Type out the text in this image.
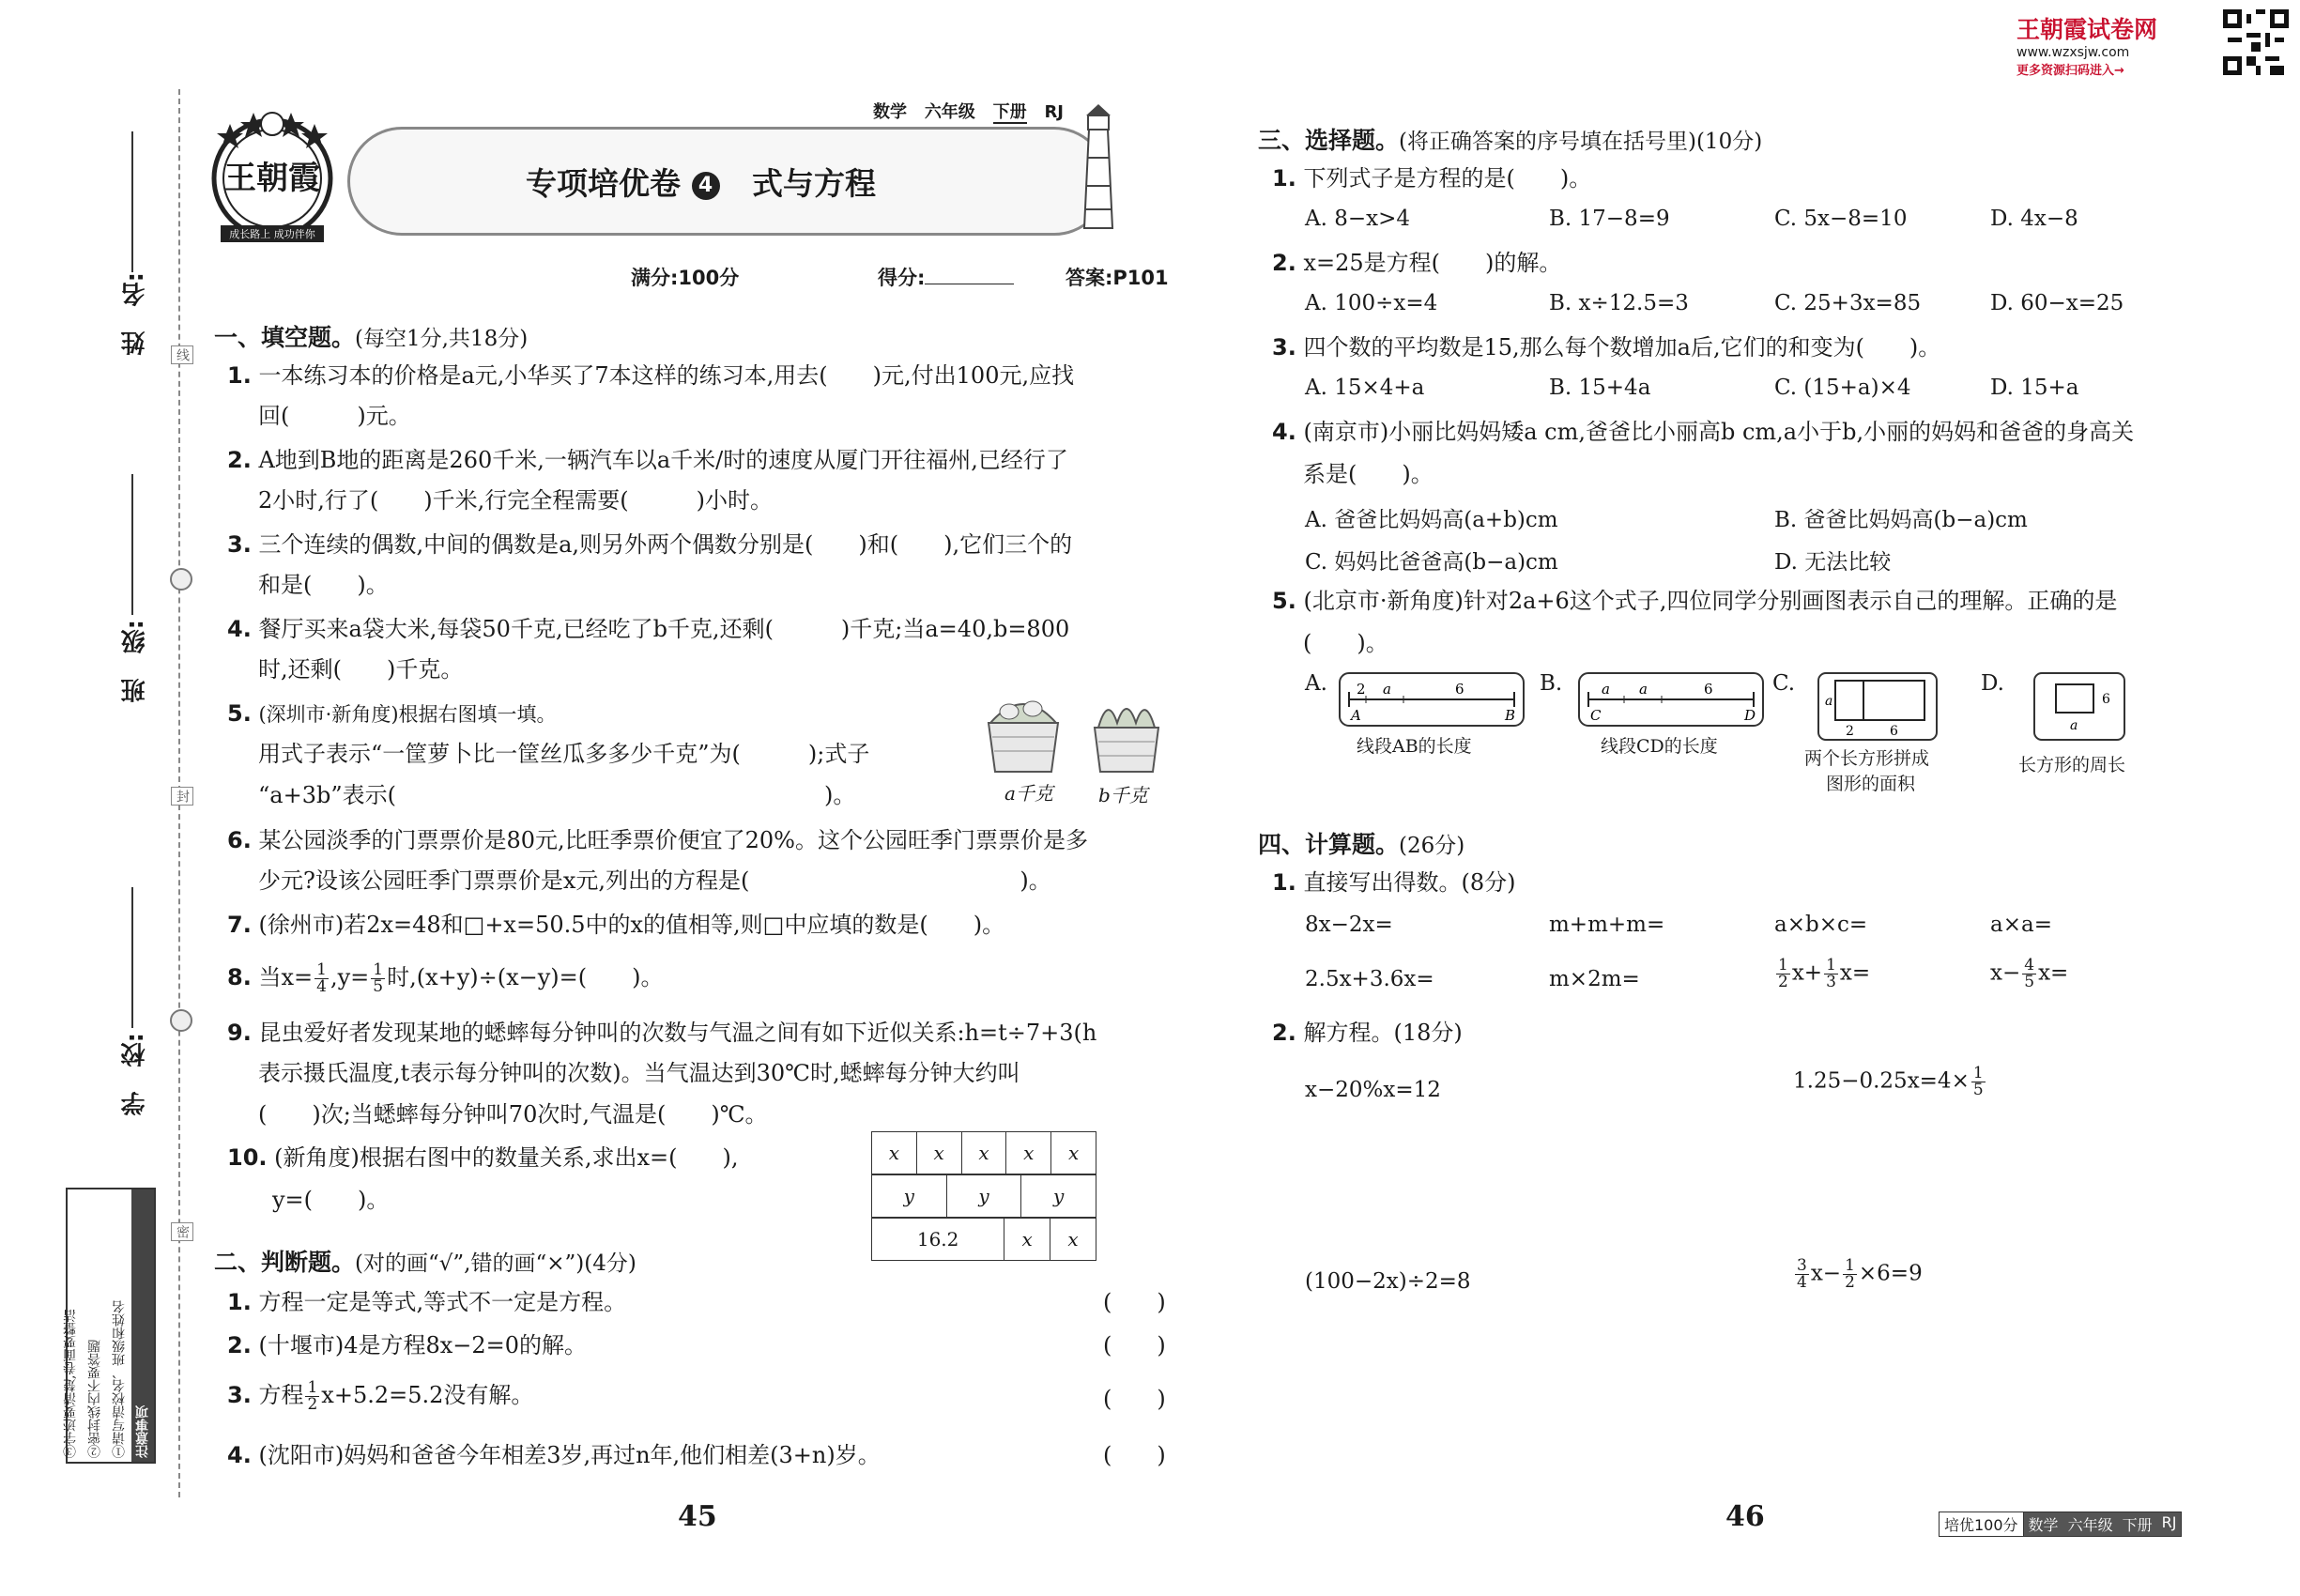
姓　名:
班　级:
学　校:
线
封
密
注意事项
①请写清校名、班级和姓名
②密封线内不要答题
③字迹要清楚,卷面要整洁
王朝霞
成长路上 成功伴你
数学 六年级 下册 RJ
专项培优卷 4 式与方程
满分:100分	得分:	答案:P101
一、填空题。(每空1分,共18分)
1. 一本练习本的价格是a元,小华买了7本这样的练习本,用去(　　)元,付出100元,应找
回(　　　)元。
2. A地到B地的距离是260千米,一辆汽车以a千米/时的速度从厦门开往福州,已经行了
2小时,行了(　　)千米,行完全程需要(　　　)小时。
3. 三个连续的偶数,中间的偶数是a,则另外两个偶数分别是(　　)和(　　),它们三个的
和是(　　)。
4. 餐厅买来a袋大米,每袋50千克,已经吃了b千克,还剩(　　　)千克;当a=40,b=800
时,还剩(　　)千克。
5. (深圳市·新角度)根据右图填一填。
用式子表示“一筐萝卜比一筐丝瓜多多少千克”为(　　　);式子
“a+3b”表示(　　　　　　　　　　　　　　　　　　　)。	a千克 b千克
6. 某公园淡季的门票票价是80元,比旺季票价便宜了20%。这个公园旺季门票票价是多
少元?设该公园旺季门票票价是x元,列出的方程是(　　　　　　　　　　　　)。
7. (徐州市)若2x=48和□+x=50.5中的x的值相等,则□中应填的数是(　　)。
8. 当$x= \frac{1}{4} ,y= \frac{1}{5}$ 时,(x+y)÷(x−y)=(　　)。
9. 昆虫爱好者发现某地的蟋蟀每分钟叫的次数与气温之间有如下近似关系:h=t÷7+3(h
表示摄氏温度,t表示每分钟叫的次数)。当气温达到30℃时,蟋蟀每分钟大约叫
(　　)次;当蟋蟀每分钟叫70次时,气温是(　　)℃。
10. (新角度)根据右图中的数量关系,求出x=(　　),
y=(　　)。
x	x	x	x	x
y	y	y
16.2	x	x
二、判断题。(对的画“√”,错的画“×”)(4分)
1. 方程一定是等式,等式不一定是方程。	(　　)
2. (十堰市)4是方程8x−2=0的解。	(　　)
3. 方程 $\frac{1}{2} x+5.2=5.2$没有解。	(　　)
4. (沈阳市)妈妈和爸爸今年相差3岁,再过n年,他们相差(3+n)岁。	(　　)
45
王朝霞试卷网
www.wzxsjw.com
更多资源扫码进入→
三、选择题。(将正确答案的序号填在括号里)(10分)
1. 下列式子是方程的是(　　)。
A. 8−x>4	B. 17−8=9	C. 5x−8=10	D. 4x−8
2. x=25是方程(　　)的解。
A. 100÷x=4	B. x÷12.5=3	C. 25+3x=85	D. 60−x=25
3. 四个数的平均数是15,那么每个数增加a后,它们的和变为(　　)。
A. 15×4+a	B. 15+4a	C. (15+a)×4	D. 15+a
4. (南京市)小丽比妈妈矮a cm,爸爸比小丽高b cm,a小于b,小丽的妈妈和爸爸的身高关
系是(　　)。
A. 爸爸比妈妈高(a+b)cm	B. 爸爸比妈妈高(b−a)cm
C. 妈妈比爸爸高(b−a)cm	D. 无法比较
5. (北京市·新角度)针对2a+6这个式子,四位同学分别画图表示自己的理解。正确的是
(　　)。
A. 2 a	6
A	B
线段AB的长度
B.	a a	6
C	D
线段CD的长度
C.
a
2	6
两个长方形拼成
图形的面积
D.
6
a
长方形的周长
四、计算题。(26分)
1. 直接写出得数。(8分)
8x−2x=	m+m+m=	a×b×c=	a×a=
2.5x+3.6x=	m×2m=	$\frac{1}{2} x+ \frac{1}{3} x=$	$x- \frac{4}{5} x=$
2. 解方程。(18分)
x−20%x=12	$1.25-0.25x=4\times \frac{1}{5}$
(100−2x)÷2=8	$\frac{3}{4} x- \frac{1}{2} \times 6=9$
46	培优100分 数学 六年级 下册 RJ
